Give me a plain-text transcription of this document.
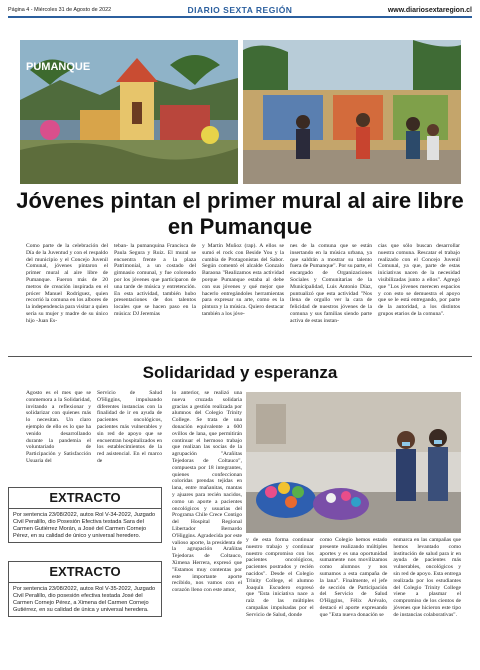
Página 4 - Miércoles 31 de Agosto de 2022	DIARIO SEXTA REGIÓN	www.diariosextaregion.cl
PUMANQUE
Jóvenes pintan el primer mural al aire libre en Pumanque
Como parte de la celebración del Día de la Juventud y con el respaldo del municipio y el Concejo Juvenil Comunal, jóvenes pintaron el primer mural al aire libre de Pumanque. Fueron más de 20 metros de creación inspirada en el prócer Manuel Rodríguez, quien recorrió la comuna en los albores de la independencia para visitar a quien sería su mujer y madre de su único hijo -Juan Es-
teban- la pumanquina Francisca de Paula Segura y Ruiz. El mural se encuentra frente a la plaza Patrimonial, a un costado del gimnasio comunal, y fue coloreado por los jóvenes que participaron de una tarde de música y entretención. En esta actividad, también hubo presentaciones de dos talentos locales que se hacen paso en la música: DJ Jeremías
y Martín Muñoz (rap). A ellos se sumó el rock con Beside You y la cumbia de Protagonistas del Sabor. Según comentó el alcalde Gonzalo Baraona "Realizamos esta actividad porque Pumanque estaba al debe con sus jóvenes y qué mejor que hacerlo entregándoles herramientas para expresar su arte, como es la pintura y la música. Quiero destacar también a los jóve-
nes de la comuna que se están insertando en la música urbana, ya que saldrán a mostrar su talento fuera de Pumanque". Por su parte, el encargado de Organizaciones Sociales y Comunitarias de la Municipalidad, Luis Antonio Díaz, puntualizó que esta actividad "Nos llena de orgullo ver la cara de felicidad de nuestros jóvenes de la comuna y sus familias siendo parte activa de estas instan-
cias que sólo buscan desarrollar nuestra comuna. Rescatar el trabajo realizado con el Concejo Juvenil Comunal, ya que, parte de estas iniciativas nacen de la necesidad visibilizadas junto a ellos". Agregó que "Los jóvenes merecen espacios y con esto se demuestra el apoyo que se le está entregando, por parte de la autoridad, a los distintos grupos etarios de la comuna".
Solidaridad y esperanza
Agosto es el mes que se conmemora a la Solidaridad, invitando a reflexionar y solidarizar con quienes más lo necesitan. Un claro ejemplo de ello es lo que ha venido desarrollando durante la pandemia el voluntariado de Participación y Satisfacción Usuaria del
Servicio de Salud O'Higgins, impulsando diferentes instancias con la finalidad de ir en ayuda de pacientes oncológicos, pacientes más vulnerables y sin red de apoyo que se encuentran hospitalizados en los establecimientos de la red asistencial. En el marco de
lo anterior, se realizó una nueva cruzada solidaria gracias a gestión realizada por alumnos del Colegio Trinity College. Se trata de una donación equivalente a 600 ovillos de lana, que permitirán continuar el hermoso trabajo que realizan las socias de la agrupación "Arañitas Tejedoras de Coltauco", compuesta por 18 integrantes, quienes confeccionan coloridas prendas tejidas en lana, entre mañanitas, mantas y ajuares para recién nacidos, como un aporte a pacientes oncológicos y usuarias del Programa Chile Crece Contigo del Hospital Regional Libertador Bernardo O'Higgins. Agradecida por este valioso aporte, la presidenta de la agrupación Arañitas Tejedoras de Coltauco, Ximena Herrera, expresó que "Estamos muy contentas por este importante aporte recibido, nos vamos con el corazón lleno con este amor,
y de esta forma continuar nuestro trabajo y continuar nuestro compromiso con los pacientes oncológicos, pacientes postrados y recién nacidos". Desde el Colegio Trinity College, el alumno Joaquín Escudero expresó que "Esta iniciativa nace a raíz de las múltiples campañas impulsadas por el Servicio de Salud, donde
como Colegio hemos estado presente realizando múltiples aportes y es una oportunidad sumamente nos movilizamos como alumnos y nos sumamos a esta campaña de la lana". Finalmente, el jefe de sección de Participación del Servicio de Salud O'Higgins, Félix Arévalo, destacó el aporte expresando que "Esta nueva donación se
enmarca en las campañas que hemos levantado como institución de salud para ir en ayuda de pacientes más vulnerables, oncológicos y sin red de apoyo. Esta entrega realizada por los estudiantes del Colegio Trinity College viene a plasmar el compromiso de los cientos de jóvenes que hicieron este tipo de instancias colaborativas".
EXTRACTO
Por sentencia 23/08/2022, autos Rol V-34-2022, Juzgado Civil Peralillo, dio Posesión Efectiva testada Sara del Carmen Gutiérrez Morán, a José del Carmen Cornejo Pérez, en su calidad de único y universal heredero.
EXTRACTO
Por sentencia 23/08/2022, autos Rol V-35-2022, Juzgado Civil Peralillo, dio posesión efectiva testada José del Carmen Cornejo Pérez, a Ximena del Carmen Cornejo Gutiérrez, en su calidad de única y universal heredera.
